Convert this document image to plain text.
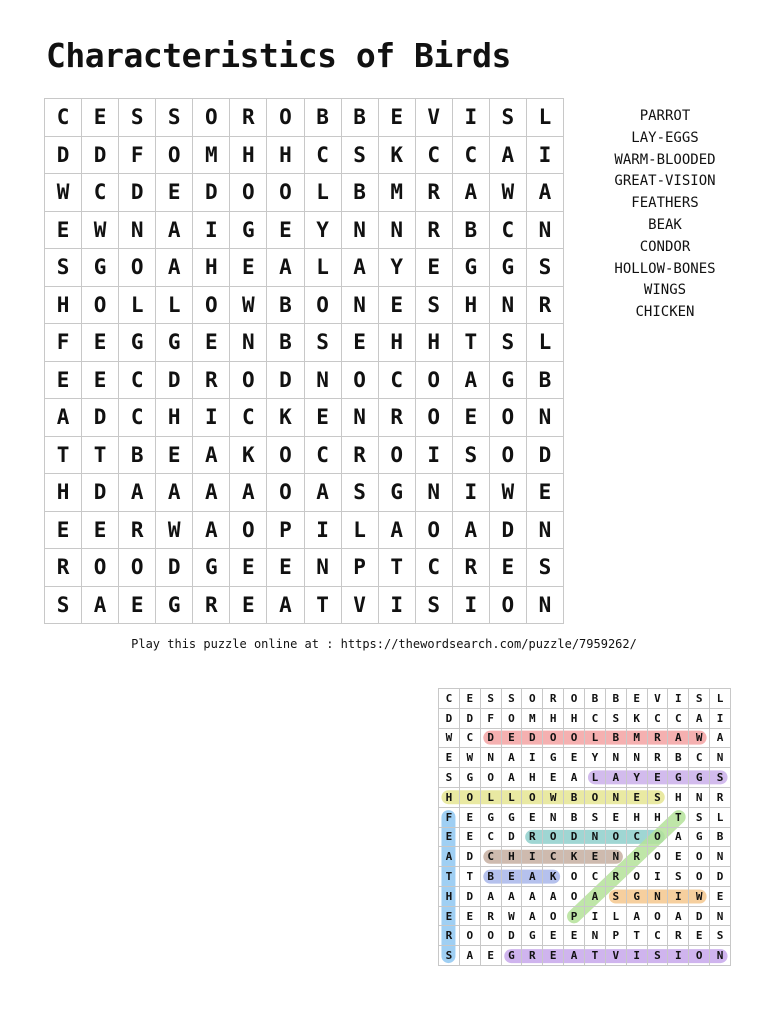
Characteristics of Birds
C	E	S	S	O	R	O	B	B	E	V	I	S	L
D	D	F	O	M	H	H	C	S	K	C	C	A	I
W	C	D	E	D	O	O	L	B	M	R	A	W	A
E	W	N	A	I	G	E	Y	N	N	R	B	C	N
S	G	O	A	H	E	A	L	A	Y	E	G	G	S
H	O	L	L	O	W	B	O	N	E	S	H	N	R
F	E	G	G	E	N	B	S	E	H	H	T	S	L
E	E	C	D	R	O	D	N	O	C	O	A	G	B
A	D	C	H	I	C	K	E	N	R	O	E	O	N
T	T	B	E	A	K	O	C	R	O	I	S	O	D
H	D	A	A	A	A	O	A	S	G	N	I	W	E
E	E	R	W	A	O	P	I	L	A	O	A	D	N
R	O	O	D	G	E	E	N	P	T	C	R	E	S
S	A	E	G	R	E	A	T	V	I	S	I	O	N
PARROT
LAY-EGGS
WARM-BLOODED
GREAT-VISION
FEATHERS
BEAK
CONDOR
HOLLOW-BONES
WINGS
CHICKEN
Play this puzzle online at : https://thewordsearch.com/puzzle/7959262/
C	E	S	S	O	R	O	B	B	E	V	I	S	L
D	D	F	O	M	H	H	C	S	K	C	C	A	I
W	C	D	E	D	O	O	L	B	M	R	A	W	A
E	W	N	A	I	G	E	Y	N	N	R	B	C	N
S	G	O	A	H	E	A	L	A	Y	E	G	G	S
H	O	L	L	O	W	B	O	N	E	S	H	N	R
F	E	G	G	E	N	B	S	E	H	H	T	S	L
E	E	C	D	R	O	D	N	O	C	O	A	G	B
A	D	C	H	I	C	K	E	N	R	O	E	O	N
T	T	B	E	A	K	O	C	R	O	I	S	O	D
H	D	A	A	A	A	O	A	S	G	N	I	W	E
E	E	R	W	A	O	P	I	L	A	O	A	D	N
R	O	O	D	G	E	E	N	P	T	C	R	E	S
S	A	E	G	R	E	A	T	V	I	S	I	O	N
